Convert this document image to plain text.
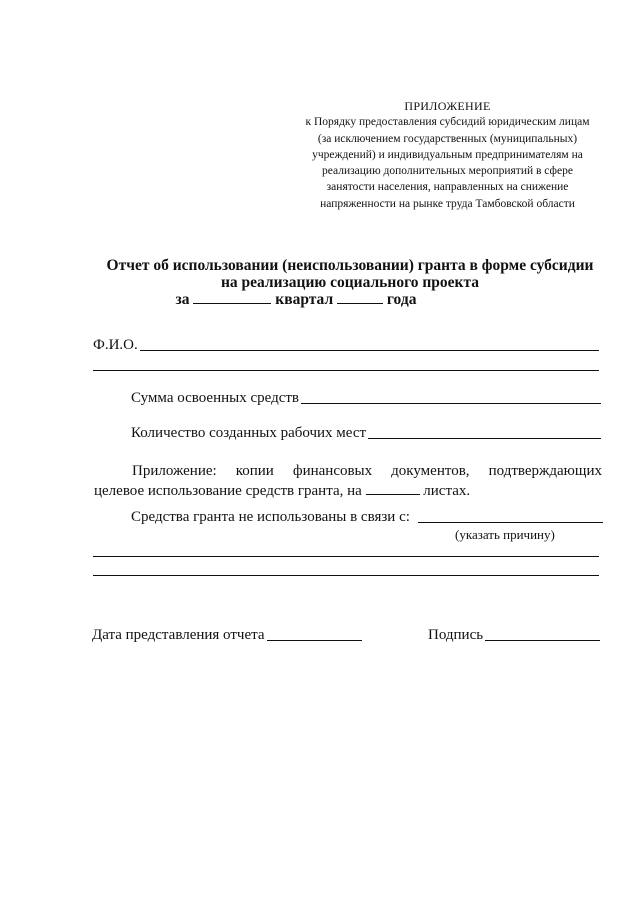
ПРИЛОЖЕНИЕ
к Порядку предоставления субсидий юридическим лицам
(за исключением государственных (муниципальных)
учреждений) и индивидуальным предпринимателям на
реализацию дополнительных мероприятий в сфере
занятости населения, направленных на снижение
напряженности на рынке труда Тамбовской области
Отчет об использовании (неиспользовании) гранта в форме субсидии
на реализацию социального проекта
за	квартал	года
Ф.И.О.
Сумма освоенных средств
Количество созданных рабочих мест
Приложение: копии финансовых документов, подтверждающих
целевое использование средств гранта, на	листах.
Средства гранта не использованы в связи с:
(указать причину)
Дата представления отчета	Подпись
